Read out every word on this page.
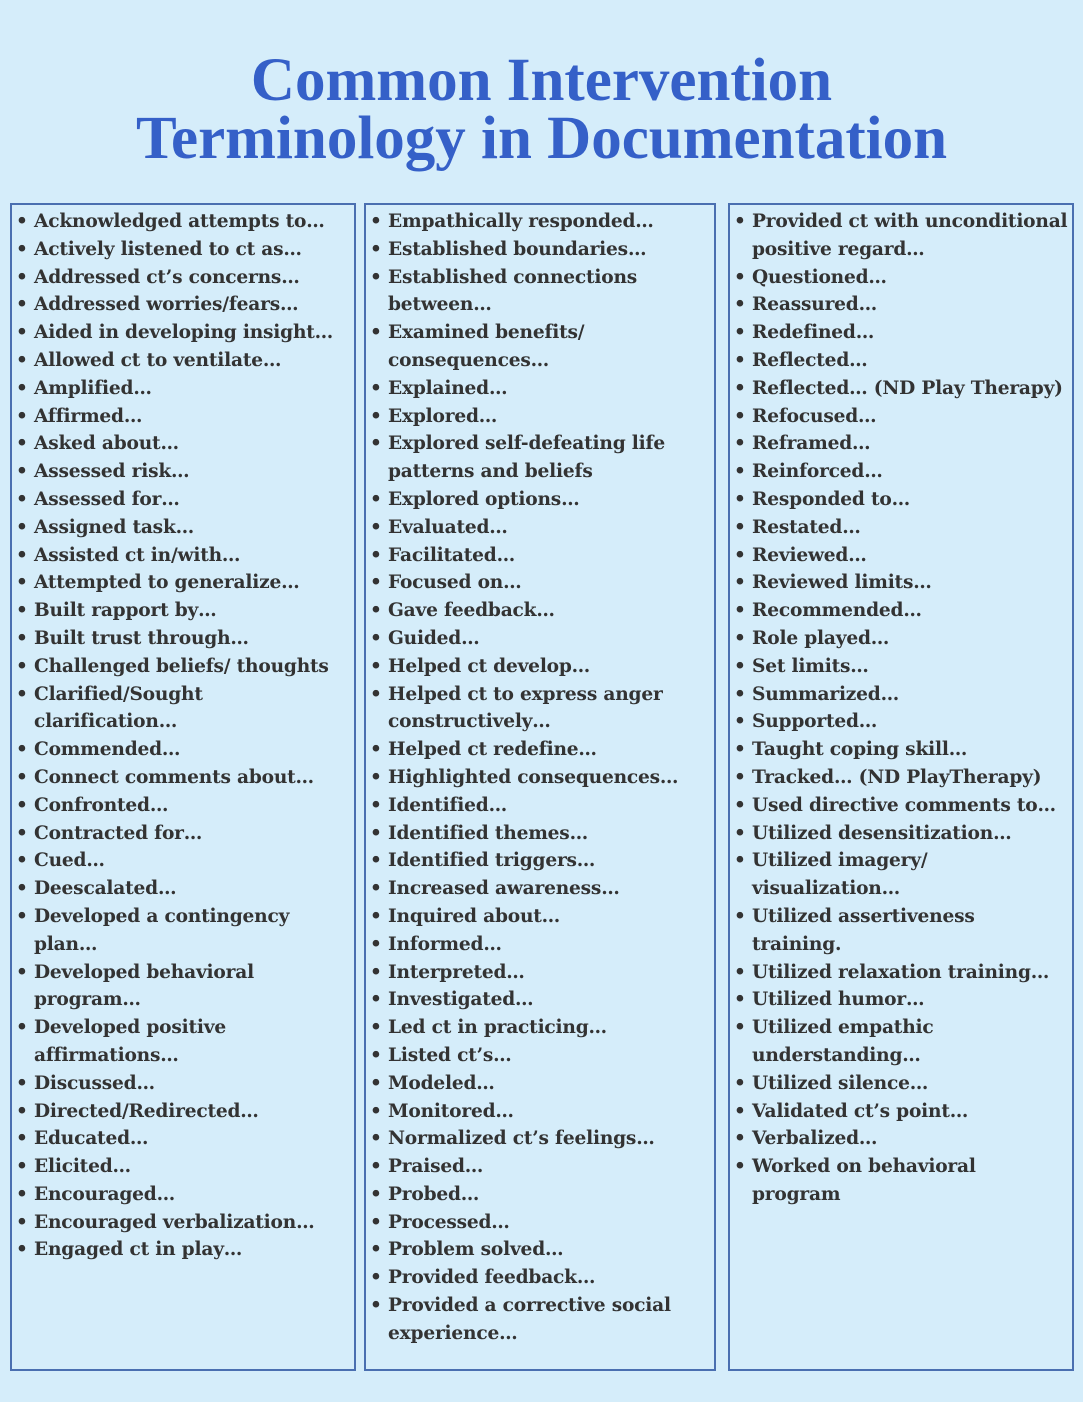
Common Intervention
Terminology in Documentation
• Acknowledged attempts to…
• Actively listened to ct as…
• Addressed ct’s concerns…
• Addressed worries/fears…
• Aided in developing insight…
• Allowed ct to ventilate…
• Amplified…
• Affirmed…
• Asked about…
• Assessed risk…
• Assessed for…
• Assigned task…
• Assisted ct in/with…
• Attempted to generalize…
• Built rapport by…
• Built trust through…
• Challenged beliefs/ thoughts
• Clarified/Sought clarification…
• Commended…
• Connect comments about…
• Confronted…
• Contracted for…
• Cued…
• Deescalated…
• Developed a contingency plan…
• Developed behavioral program…
• Developed positive affirmations…
• Discussed…
• Directed/Redirected…
• Educated…
• Elicited…
• Encouraged…
• Encouraged verbalization…
• Engaged ct in play…
• Empathically responded…
• Established boundaries…
• Established connections between…
• Examined benefits/ consequences…
• Explained…
• Explored…
• Explored self-defeating life patterns and beliefs
• Explored options…
• Evaluated…
• Facilitated…
• Focused on…
• Gave feedback…
• Guided…
• Helped ct develop…
• Helped ct to express anger constructively…
• Helped ct redefine…
• Highlighted consequences…
• Identified…
• Identified themes…
• Identified triggers…
• Increased awareness…
• Inquired about…
• Informed…
• Interpreted…
• Investigated…
• Led ct in practicing…
• Listed ct’s…
• Modeled…
• Monitored…
• Normalized ct’s feelings…
• Praised…
• Probed…
• Processed…
• Problem solved…
• Provided feedback…
• Provided a corrective social experience…
• Provided ct with unconditional positive regard…
• Questioned…
• Reassured…
• Redefined…
• Reflected…
• Reflected… (ND Play Therapy)
• Refocused…
• Reframed…
• Reinforced…
• Responded to…
• Restated…
• Reviewed…
• Reviewed limits…
• Recommended…
• Role played…
• Set limits…
• Summarized…
• Supported…
• Taught coping skill…
• Tracked… (ND PlayTherapy)
• Used directive comments to…
• Utilized desensitization…
• Utilized imagery/ visualization…
• Utilized assertiveness training.
• Utilized relaxation training…
• Utilized humor…
• Utilized empathic understanding…
• Utilized silence…
• Validated ct’s point…
• Verbalized…
• Worked on behavioral program
